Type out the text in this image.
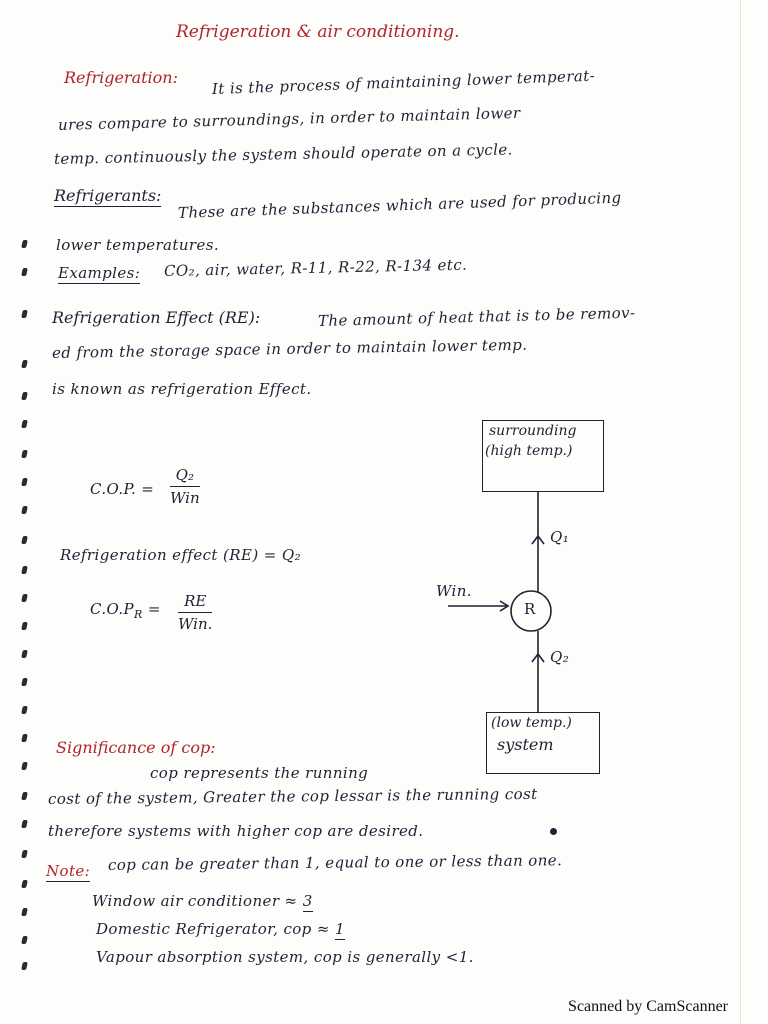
Refrigeration & air conditioning.
Refrigeration: It is the process of maintaining lower temperat-
ures compare to surroundings, in order to maintain lower
temp. continuously the system should operate on a cycle.
Refrigerants: These are the substances which are used for producing
lower temperatures.
Examples: CO₂, air, water, R-11, R-22, R-134 etc.
Refrigeration Effect (RE):	The amount of heat that is to be remov-
ed from the storage space in order to maintain lower temp.
is known as refrigeration Effect.
C.O.P. =
Q₂
Win
Refrigeration effect (RE) = Q₂
$C.O.P_R$ =	RE
Win.
surrounding
(high temp.)
Q₁
Win.
R
Q₂
(low temp.)
system
Significance of cop:
cop represents the running
cost of the system, Greater the cop lessar is the running cost
therefore systems with higher cop are desired.
Note: cop can be greater than 1, equal to one or less than one.
Window air conditioner ≈ 3
Domestic Refrigerator, cop ≈ 1
Vapour absorption system, cop is generally <1.
Scanned by CamScanner
